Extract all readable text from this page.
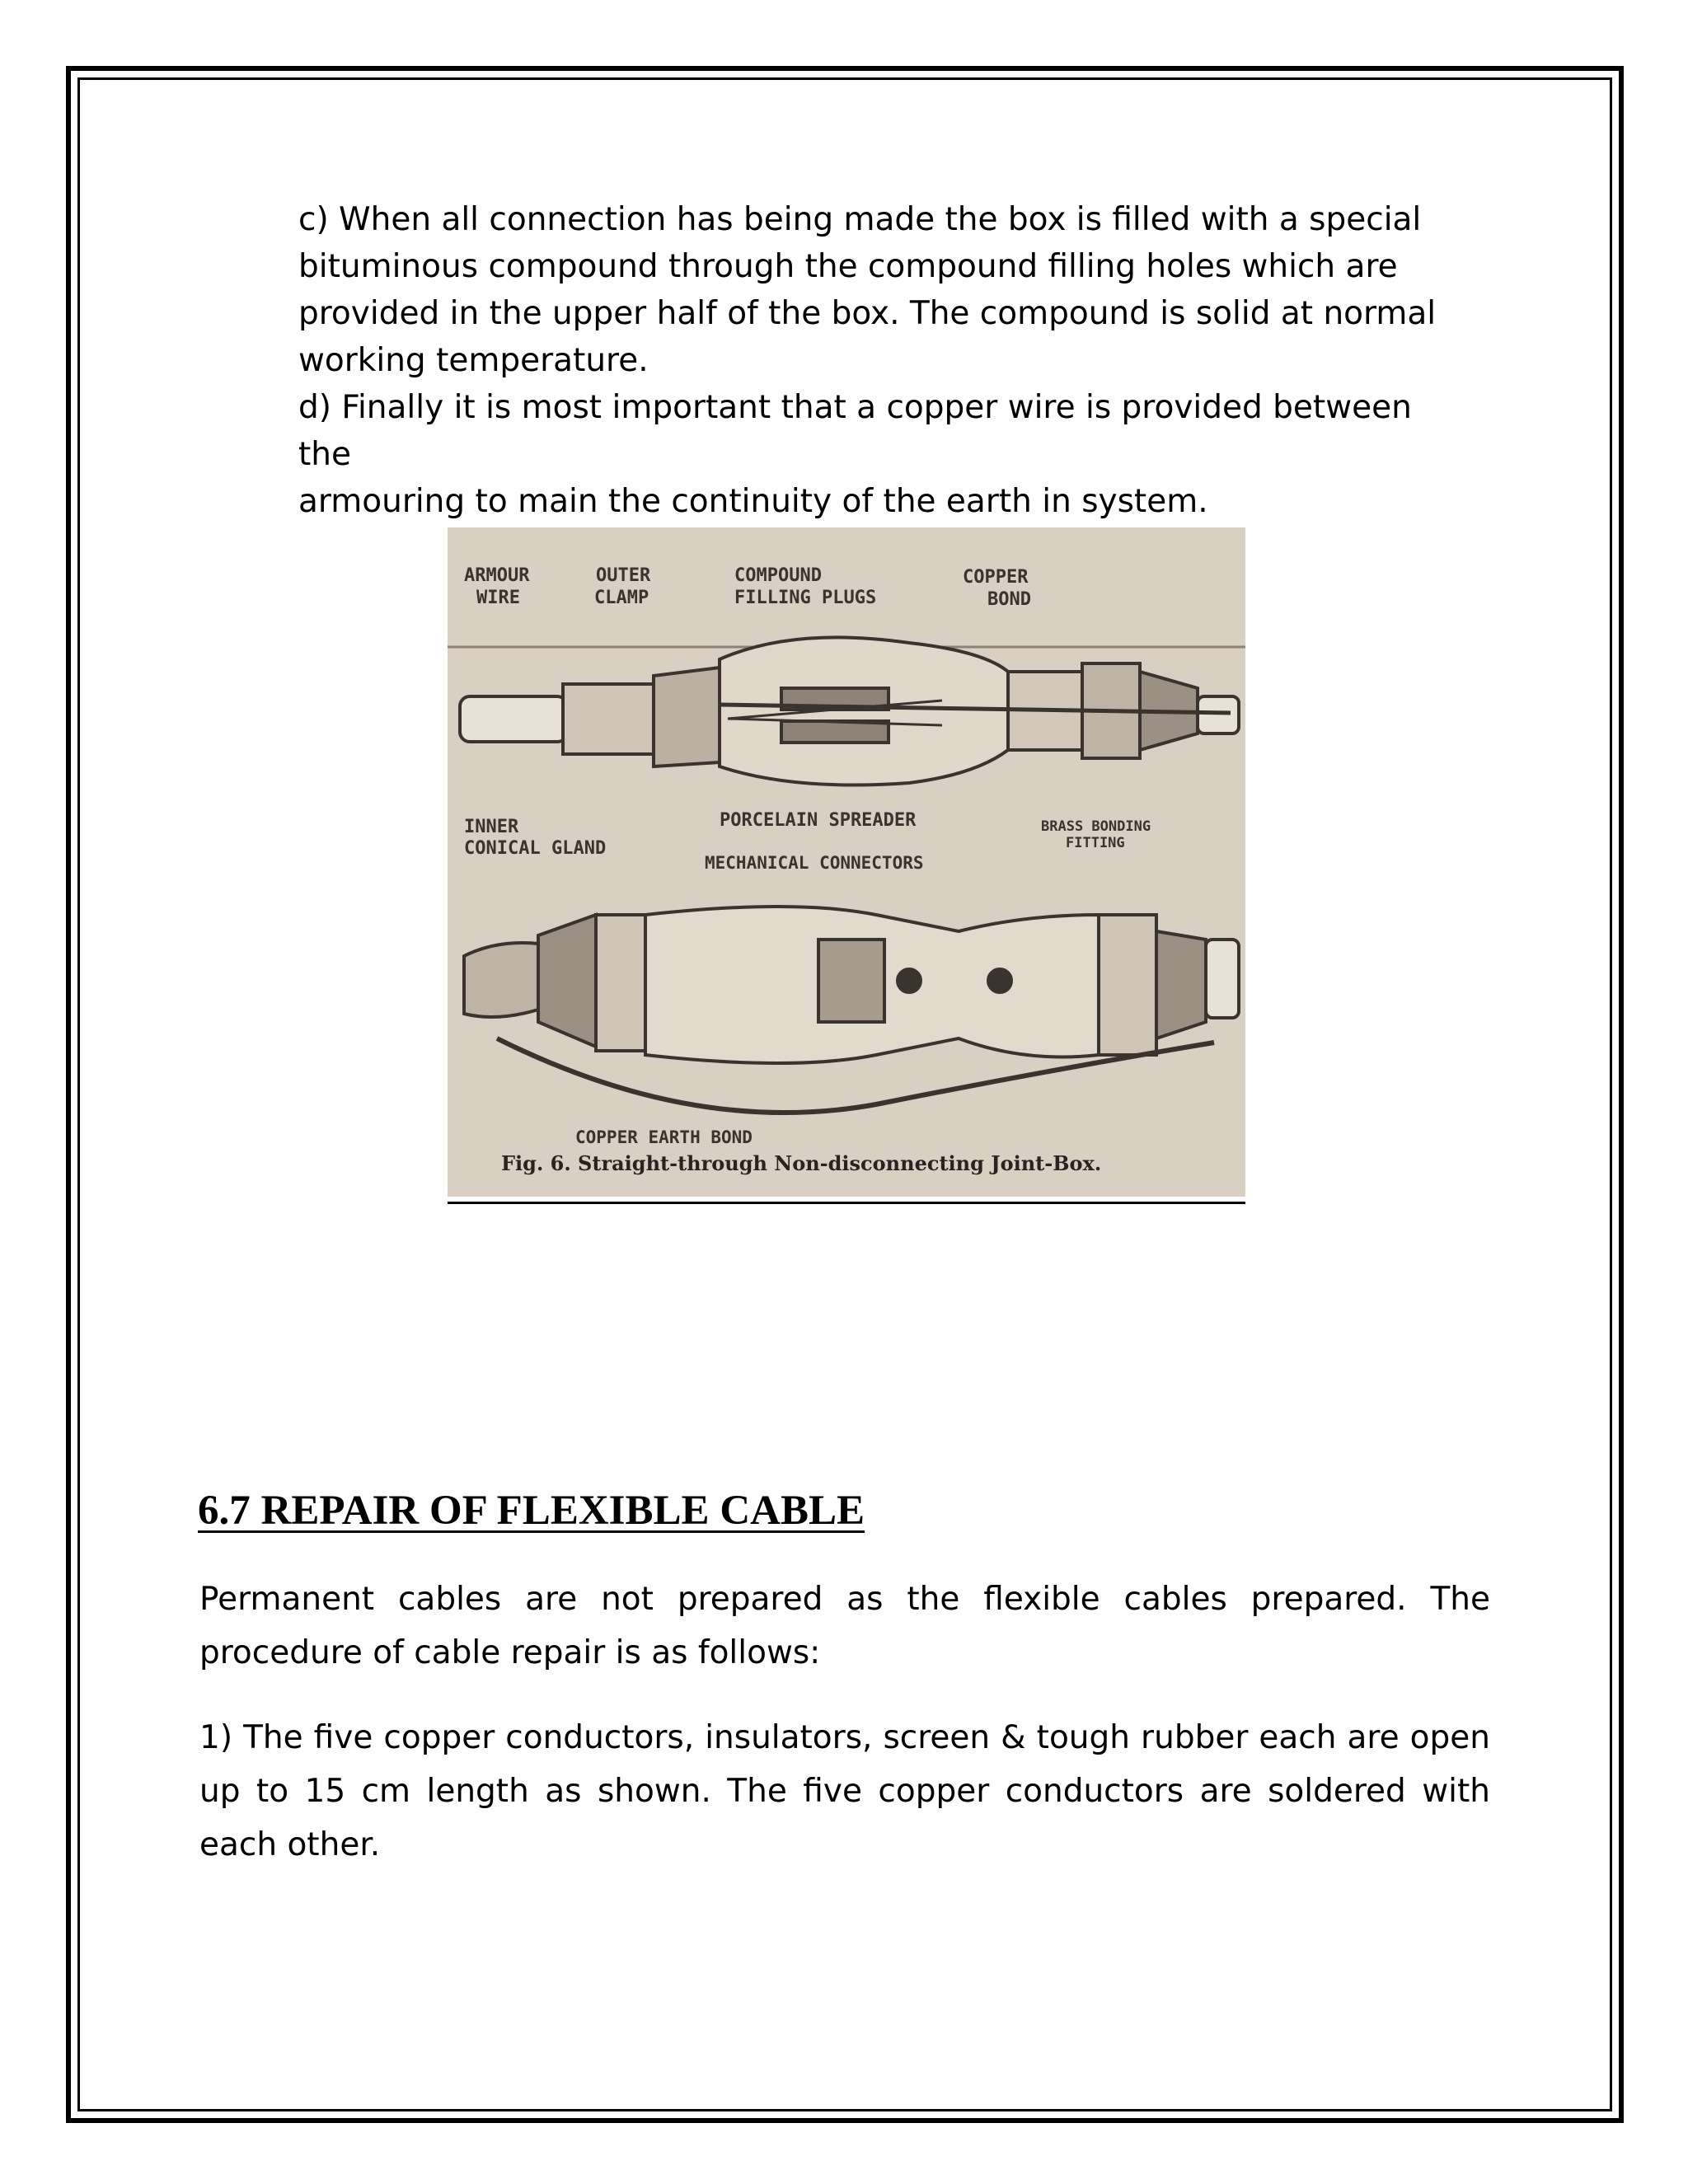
c) When all connection has being made the box is filled with a special

bituminous compound through the compound filling holes which are

provided in the upper half of the box. The compound is solid at normal

working temperature.

d) Finally it is most important that a copper wire is provided between the

armouring to main the continuity of the earth in system.

ARMOUR
WIRE
OUTER
CLAMP
COMPOUND
FILLING PLUGS
COPPER
BOND
INNER
CONICAL GLAND
PORCELAIN SPREADER	BRASS BONDING
FITTING
MECHANICAL CONNECTORS
COPPER EARTH BOND
Fig. 6. Straight-through Non-disconnecting Joint-Box.
6.7 REPAIR OF FLEXIBLE CABLE

Permanent cables are not prepared as the flexible cables prepared. The procedure of cable repair is as follows:

1) The five copper conductors, insulators, screen & tough rubber each are open up to 15 cm length as shown. The five copper conductors are soldered with each other.
